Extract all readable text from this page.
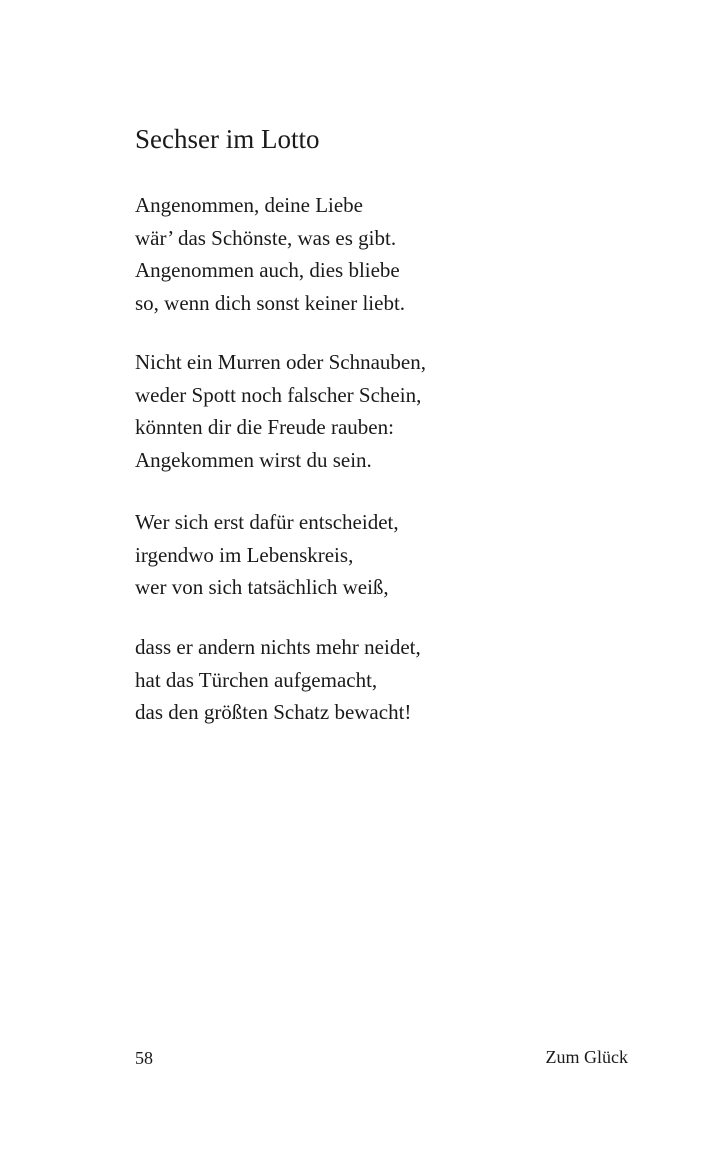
Sechser im Lotto

Angenommen, deine Liebe
wär’ das Schönste, was es gibt.
Angenommen auch, dies bliebe
so, wenn dich sonst keiner liebt.

Nicht ein Murren oder Schnauben,
weder Spott noch falscher Schein,
könnten dir die Freude rauben:
Angekommen wirst du sein.

Wer sich erst dafür entscheidet,
irgendwo im Lebenskreis,
wer von sich tatsächlich weiß,

dass er andern nichts mehr neidet,
hat das Türchen aufgemacht,
das den größten Schatz bewacht!

58	Zum Glück
